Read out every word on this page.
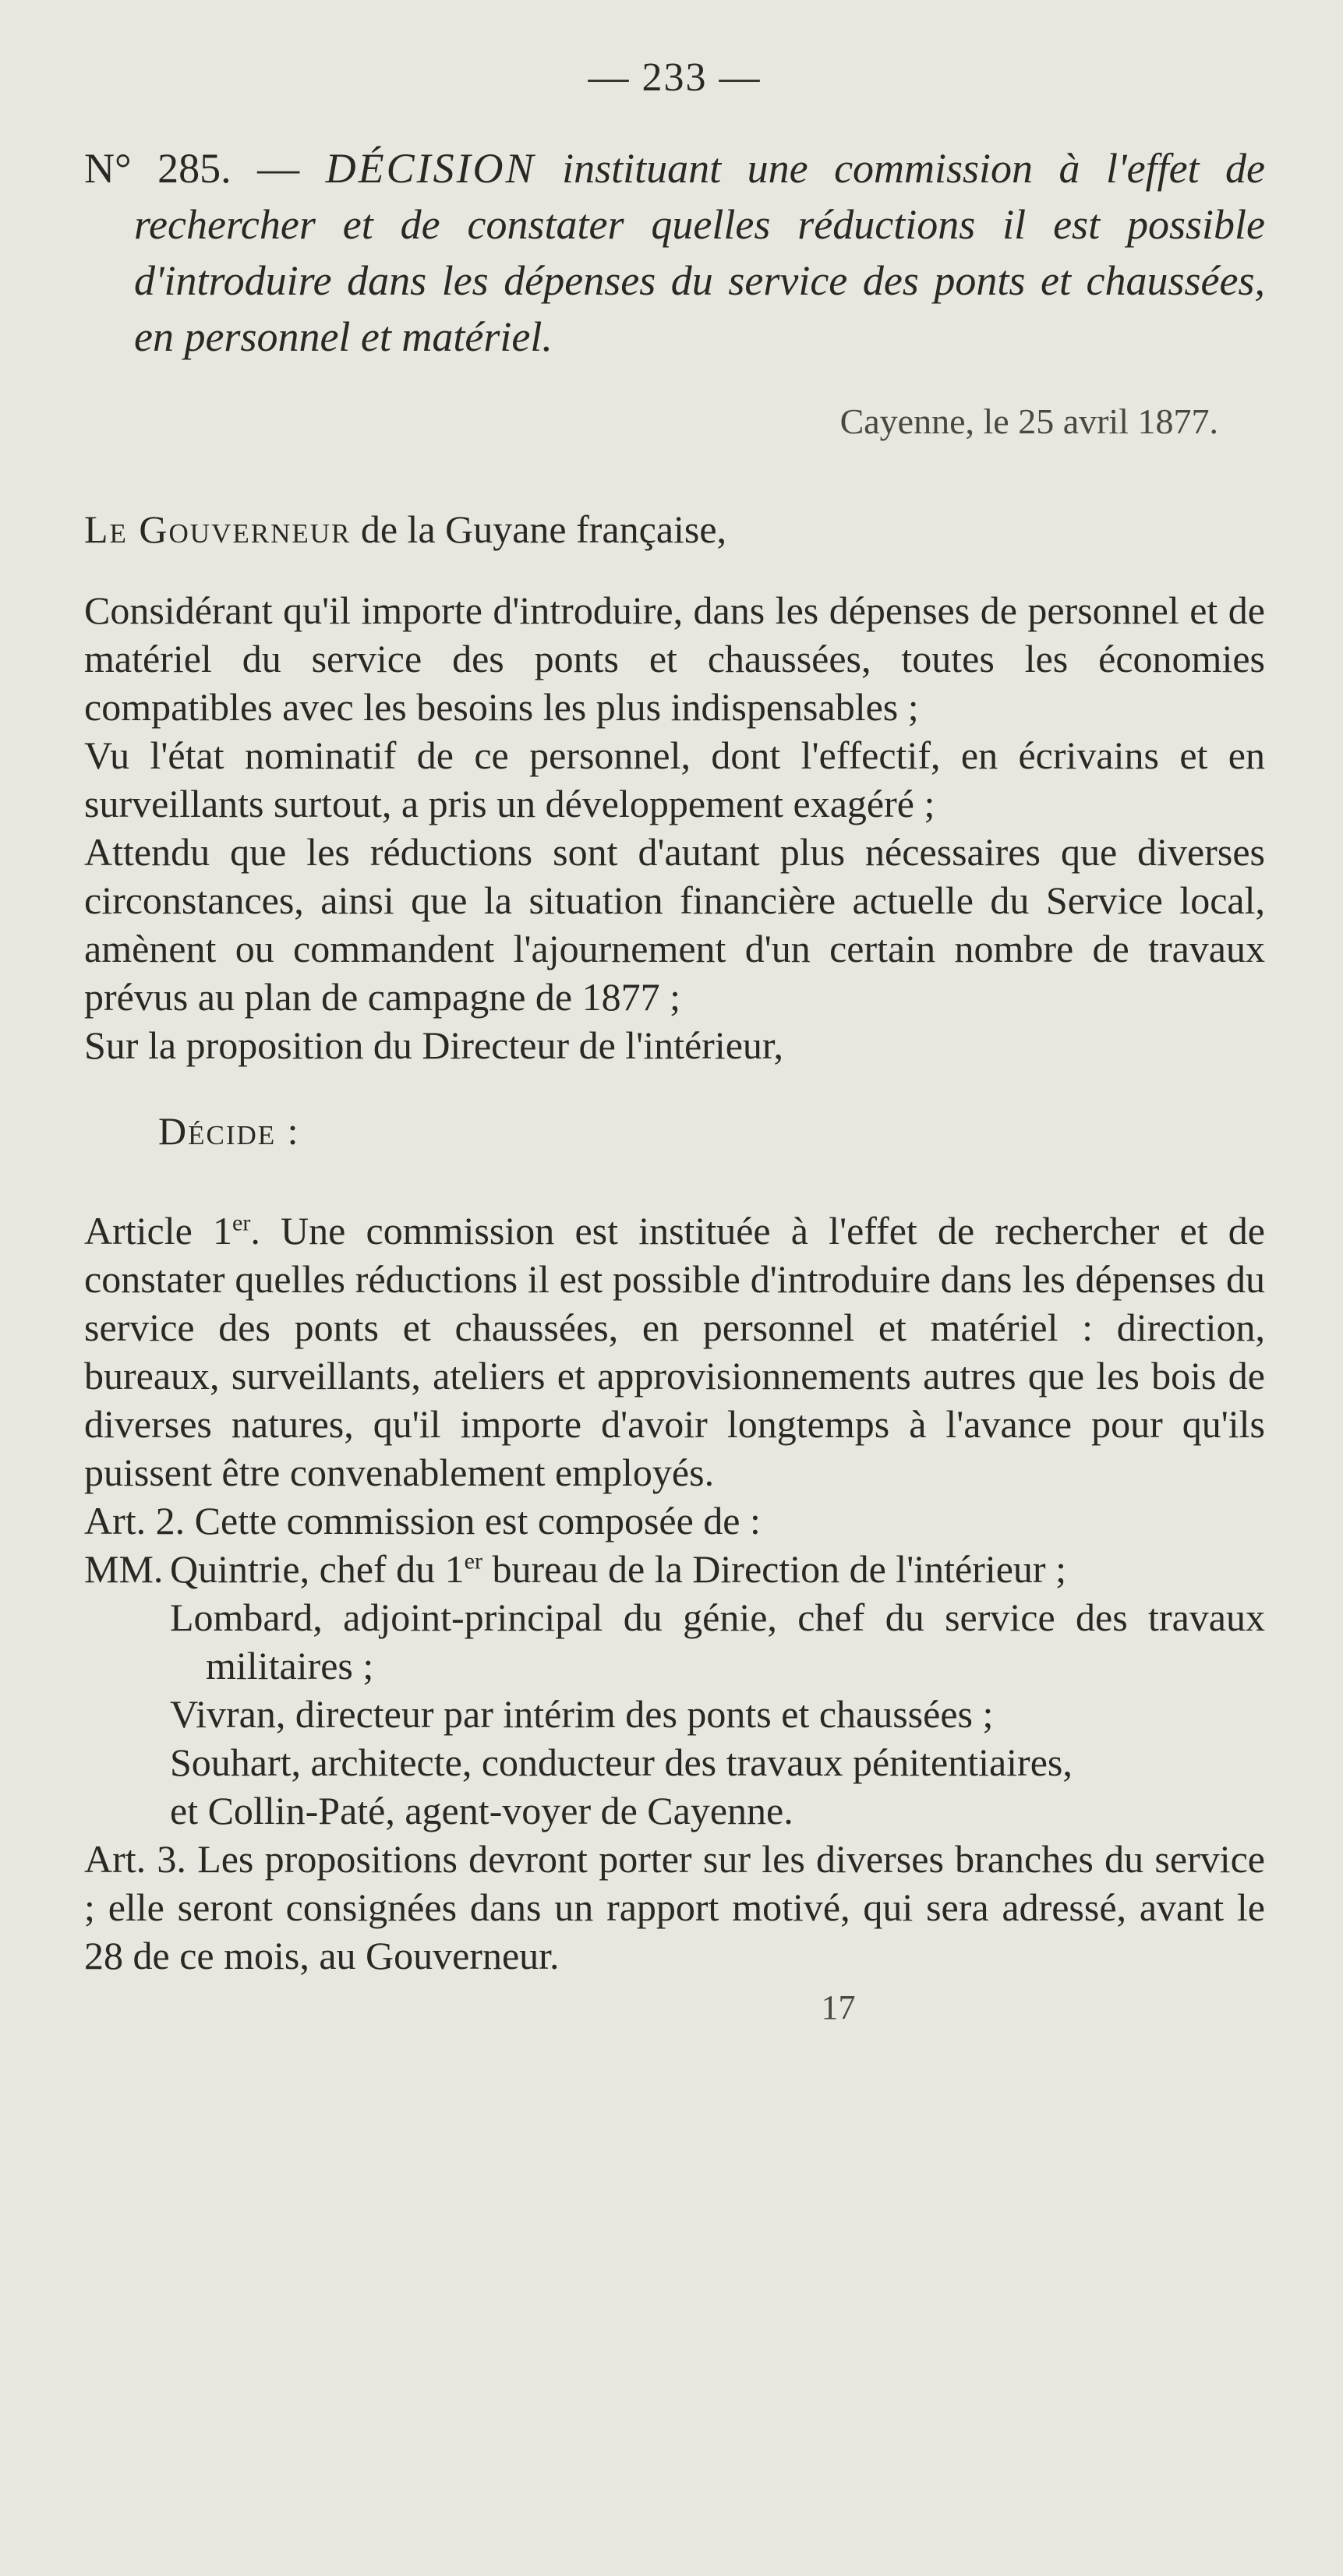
— 233 —
N° 285. — DÉCISION instituant une commission à l'effet de rechercher et de constater quelles réductions il est possible d'introduire dans les dépenses du service des ponts et chaussées, en personnel et matériel.
Cayenne, le 25 avril 1877.
Le Gouverneur de la Guyane française,

Considérant qu'il importe d'introduire, dans les dépenses de personnel et de matériel du service des ponts et chaussées, toutes les économies compatibles avec les besoins les plus indispensables ;

Vu l'état nominatif de ce personnel, dont l'effectif, en écrivains et en surveillants surtout, a pris un développement exagéré ;

Attendu que les réductions sont d'autant plus nécessaires que diverses circonstances, ainsi que la situation financière actuelle du Service local, amènent ou commandent l'ajournement d'un certain nombre de travaux prévus au plan de campagne de 1877 ;

Sur la proposition du Directeur de l'intérieur,

Décide :

Article 1er. Une commission est instituée à l'effet de rechercher et de constater quelles réductions il est possible d'introduire dans les dépenses du service des ponts et chaussées, en personnel et matériel : direction, bureaux, surveillants, ateliers et approvisionnements autres que les bois de diverses natures, qu'il importe d'avoir longtemps à l'avance pour qu'ils puissent être convenablement employés.

Art. 2. Cette commission est composée de :

MM. Quintrie, chef du 1er bureau de la Direction de l'intérieur ;
Lombard, adjoint-principal du génie, chef du service des travaux militaires ;
Vivran, directeur par intérim des ponts et chaussées ;
Souhart, architecte, conducteur des travaux pénitentiaires,
et Collin-Paté, agent-voyer de Cayenne.

Art. 3. Les propositions devront porter sur les diverses branches du service ; elle seront consignées dans un rapport motivé, qui sera adressé, avant le 28 de ce mois, au Gouverneur.

17
